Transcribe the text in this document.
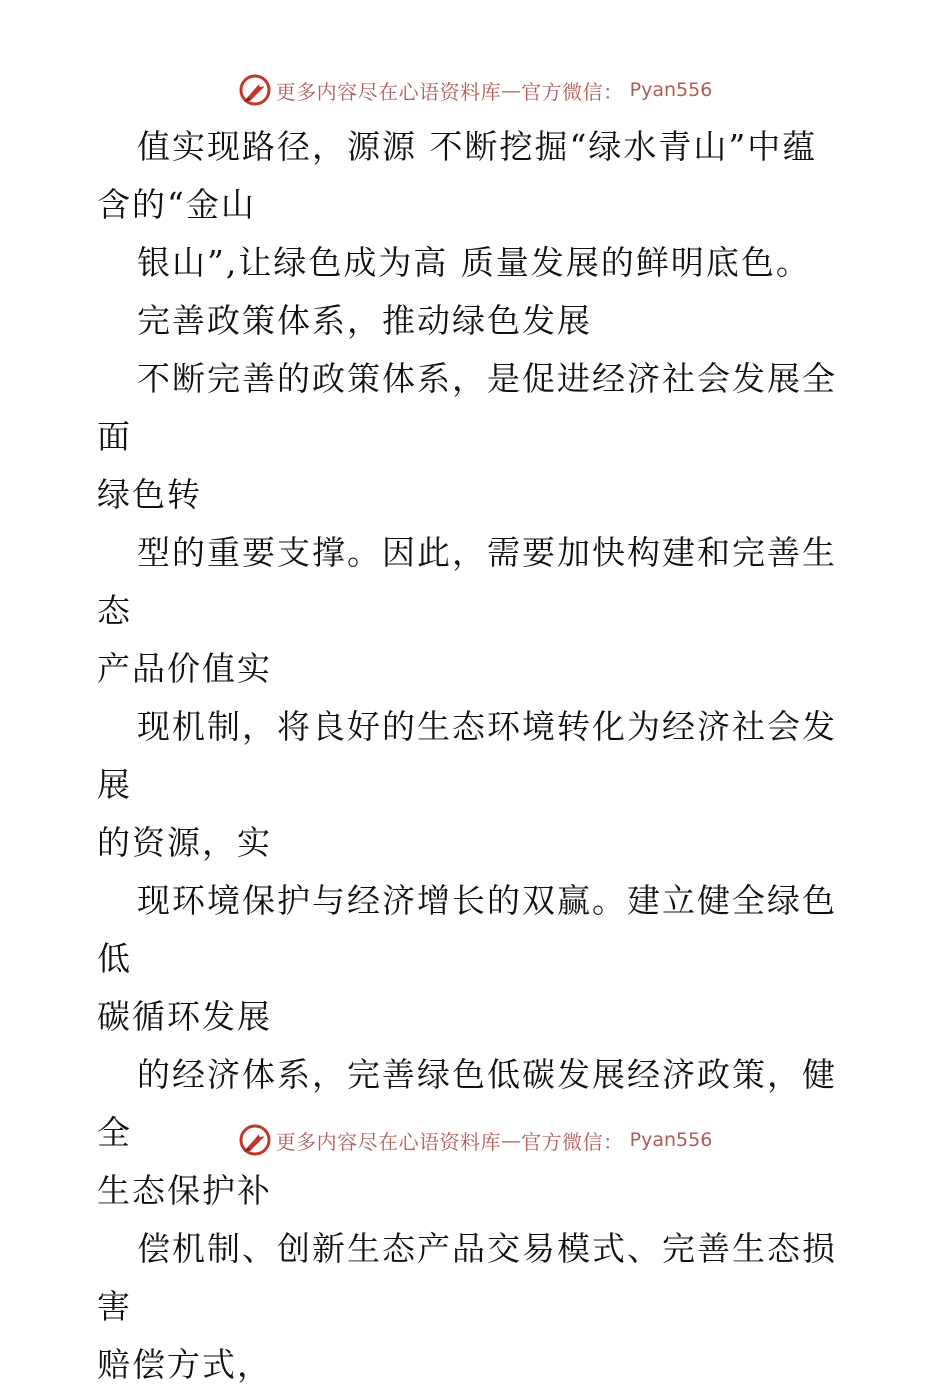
更多内容尽在心语资料库 — 官方微信： Pyan556

值实现路径，源源 不断挖掘“绿水青山”中蕴

含的“金山

银山”,让绿色成为高 质量发展的鲜明底色。

完善政策体系，推动绿色发展

不断完善的政策体系，是促进经济社会发展全面

绿色转

型的重要支撑。因此，需要加快构建和完善生态

产品价值实

现机制，将良好的生态环境转化为经济社会发展

的资源，实

现环境保护与经济增长的双赢。建立健全绿色低

碳循环发展

的经济体系，完善绿色低碳发展经济政策，健全

生态保护补

偿机制、创新生态产品交易模式、完善生态损害

赔偿方式，

更多内容尽在心语资料库 — 官方微信： Pyan556
